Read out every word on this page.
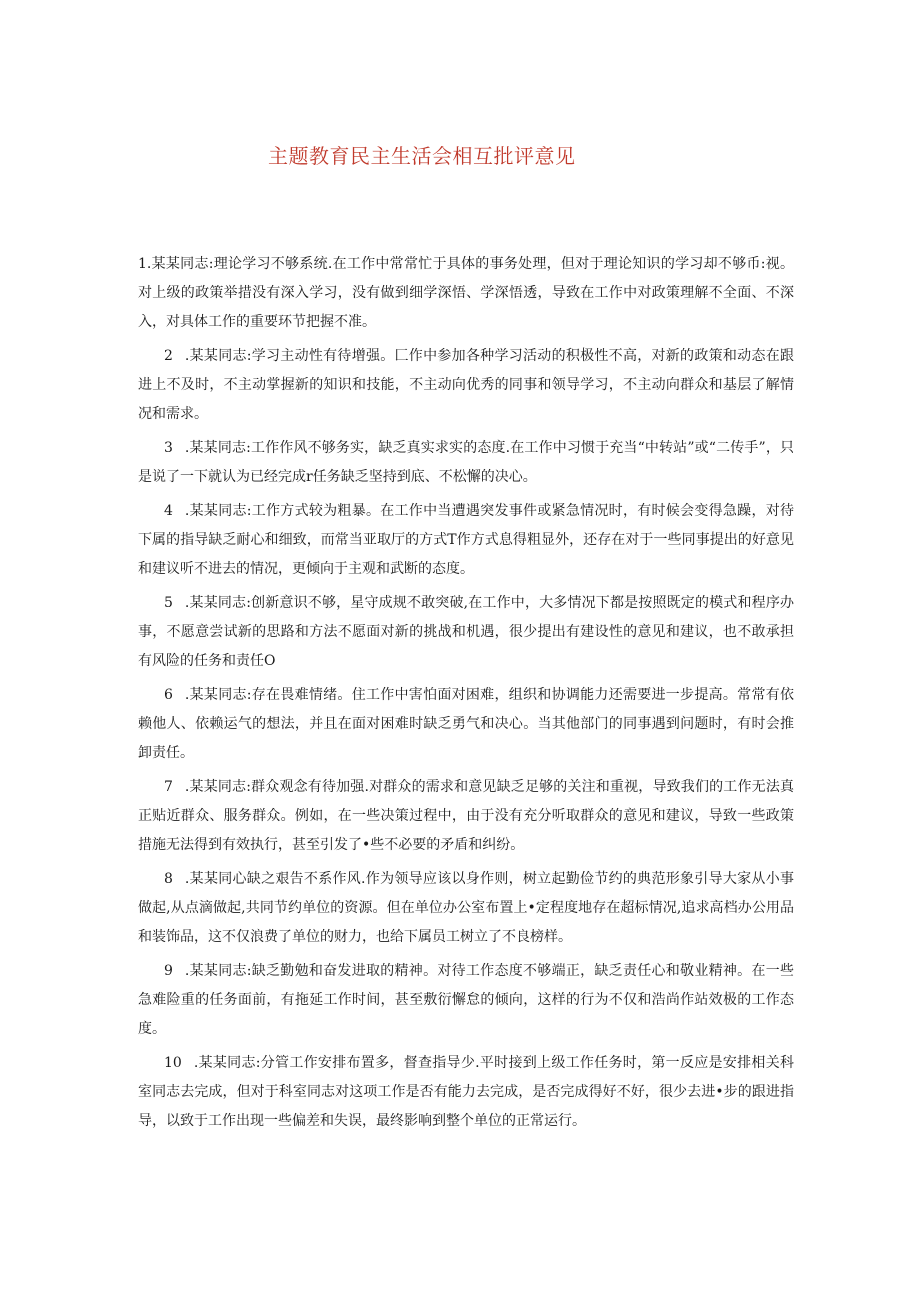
主题教育民主生活会相互批评意见

1.某某同志:理论学习不够系统.在工作中常常忙于具体的事务处理，但对于理论知识的学习却不够币:视。对上级的政策举措没有深入学习，没有做到细学深悟、学深悟透，导致在工作中对政策理解不全面、不深入，对具体工作的重要环节把握不准。

2 .某某同志:学习主动性有待增强。匚作中参加各种学习活动的积极性不高，对新的政策和动态在跟进上不及时，不主动掌握新的知识和技能，不主动向优秀的同事和领导学习，不主动向群众和基层了解情况和需求。

3 .某某同志:工作作风不够务实，缺乏真实求实的态度.在工作中习惯于充当“中转站”或“二传手”，只是说了一下就认为已经完成r任务缺乏坚持到底、不松懈的决心。

4 .某某同志:工作方式较为粗暴。在工作中当遭遇突发事件或紧急情况时，有时候会变得急躁，对待下属的指导缺乏耐心和细致，而常当亚取厅的方式T作方式息得粗显外，还存在对于一些同事提出的好意见和建议听不进去的情况，更倾向于主观和武断的态度。

5 .某某同志:创新意识不够，星守成规不敢突破,在工作中，大多情况下都是按照既定的模式和程序办事，不愿意尝试新的思路和方法不愿面对新的挑战和机遇，很少提出有建设性的意见和建议，也不敢承担有风险的任务和责任O

6 .某某同志:存在畏难情绪。住工作中害怕面对困难，组织和协调能力还需要进一步提高。常常有依赖他人、依赖运气的想法，并且在面对困难时缺乏勇气和决心。当其他部门的同事遇到问题时，有时会推卸责任。

7 .某某同志:群众观念有待加强.对群众的需求和意见缺乏足够的关注和重视，导致我们的工作无法真正贴近群众、服务群众。例如，在一些决策过程中，由于没有充分听取群众的意见和建议，导致一些政策措施无法得到有效执行，甚至引发了•些不必要的矛盾和纠纷。

8 .某某同心缺之艰告不系作风.作为领导应该以身作则，树立起勤俭节约的典范形象引导大家从小事做起,从点滴做起,共同节约单位的资源。但在单位办公室布置上•定程度地存在超标情况,追求高档办公用品和装饰品，这不仅浪费了单位的财力，也给下属员工树立了不良榜样。

9 .某某同志:缺乏勤勉和奋发进取的精神。对待工作态度不够端正，缺乏责任心和敬业精神。在一些急难险重的任务面前，有拖延工作时间，甚至敷衍懈怠的倾向，这样的行为不仅和浩尚作站效极的工作态度。

10 .某某同志:分管工作安排布置多，督查指导少.平时接到上级工作任务时，第一反应是安排相关科室同志去完成，但对于科室同志对这项工作是否有能力去完成，是否完成得好不好，很少去进•步的跟进指导，以致于工作出现一些偏差和失误，最终影响到整个单位的正常运行。
